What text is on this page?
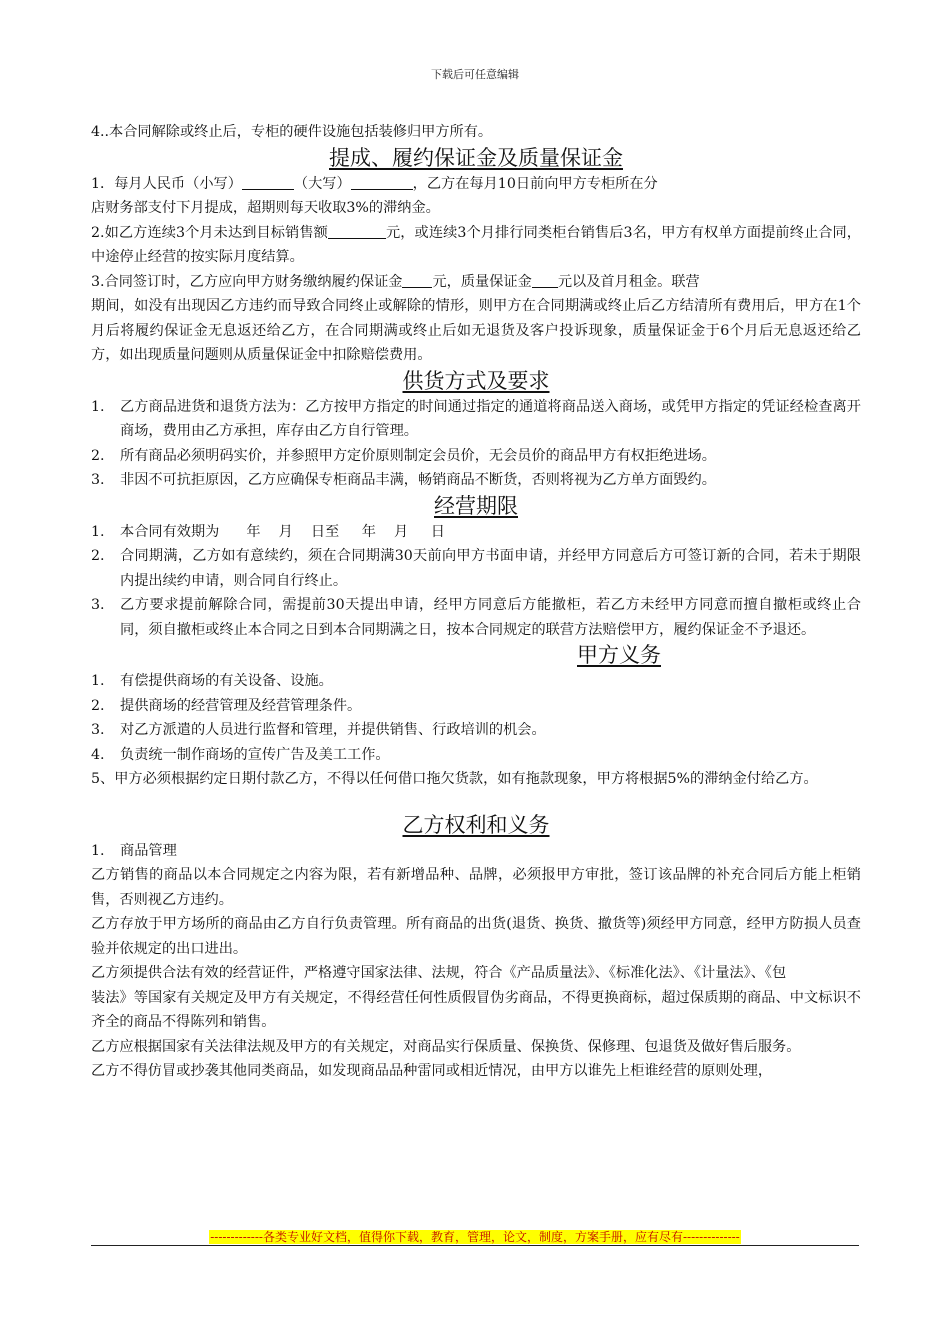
下载后可任意编辑

4..本合同解除或终止后，专柜的硬件设施包括装修归甲方所有。

提成、履约保证金及质量保证金

1．每月人民币（小写）	（大写）	，乙方在每月10日前向甲方专柜所在分

店财务部支付下月提成，超期则每天收取3%的滞纳金。

2.如乙方连续3个月未达到目标销售额	元，或连续3个月排行同类柜台销售后3名，甲方有权单方面提前终止合同，中途停止经营的按实际月度结算。

3.合同签订时，乙方应向甲方财务缴纳履约保证金 元，质量保证金 元以及首月租金。联营

期间，如没有出现因乙方违约而导致合同终止或解除的情形，则甲方在合同期满或终止后乙方结清所有费用后，甲方在1个月后将履约保证金无息返还给乙方，在合同期满或终止后如无退货及客户投诉现象，质量保证金于6个月后无息返还给乙方，如出现质量问题则从质量保证金中扣除赔偿费用。

供货方式及要求
1. 乙方商品进货和退货方法为：乙方按甲方指定的时间通过指定的通道将商品送入商场，或凭甲方指定的凭证经检查离开商场，费用由乙方承担，库存由乙方自行管理。
2. 所有商品必须明码实价，并参照甲方定价原则制定会员价，无会员价的商品甲方有权拒绝进场。
3. 非因不可抗拒原因，乙方应确保专柜商品丰满，畅销商品不断货，否则将视为乙方单方面毁约。
经营期限
1. 本合同有效期为      年    月    日至     年    月     日
2. 合同期满，乙方如有意续约，须在合同期满30天前向甲方书面申请，并经甲方同意后方可签订新的合同，若未于期限内提出续约申请，则合同自行终止。
3. 乙方要求提前解除合同，需提前30天提出申请，经甲方同意后方能撤柜，若乙方未经甲方同意而擅自撤柜或终止合同，须自撤柜或终止本合同之日到本合同期满之日，按本合同规定的联营方法赔偿甲方，履约保证金不予退还。
甲方义务
1. 有偿提供商场的有关设备、设施。
2. 提供商场的经营管理及经营管理条件。
3. 对乙方派遣的人员进行监督和管理，并提供销售、行政培训的机会。
4. 负责统一制作商场的宣传广告及美工工作。

5、甲方必须根据约定日期付款乙方，不得以任何借口拖欠货款，如有拖款现象，甲方将根据5%的滞纳金付给乙方。

乙方权利和义务
1. 商品管理

乙方销售的商品以本合同规定之内容为限，若有新增品种、品牌，必须报甲方审批，签订该品牌的补充合同后方能上柜销售，否则视乙方违约。

乙方存放于甲方场所的商品由乙方自行负责管理。所有商品的出货(退货、换货、撤货等)须经甲方同意，经甲方防损人员查验并依规定的出口进出。

乙方须提供合法有效的经营证件，严格遵守国家法律、法规，符合《产品质量法》、《标准化法》、《计量法》、《包

装法》等国家有关规定及甲方有关规定，不得经营任何性质假冒伪劣商品，不得更换商标，超过保质期的商品、中文标识不齐全的商品不得陈列和销售。

乙方应根据国家有关法律法规及甲方的有关规定，对商品实行保质量、保换货、保修理、包退货及做好售后服务。

乙方不得仿冒或抄袭其他同类商品，如发现商品品种雷同或相近情况，由甲方以谁先上柜谁经营的原则处理，

-------------各类专业好文档，值得你下载，教育，管理，论文，制度，方案手册，应有尽有--------------
